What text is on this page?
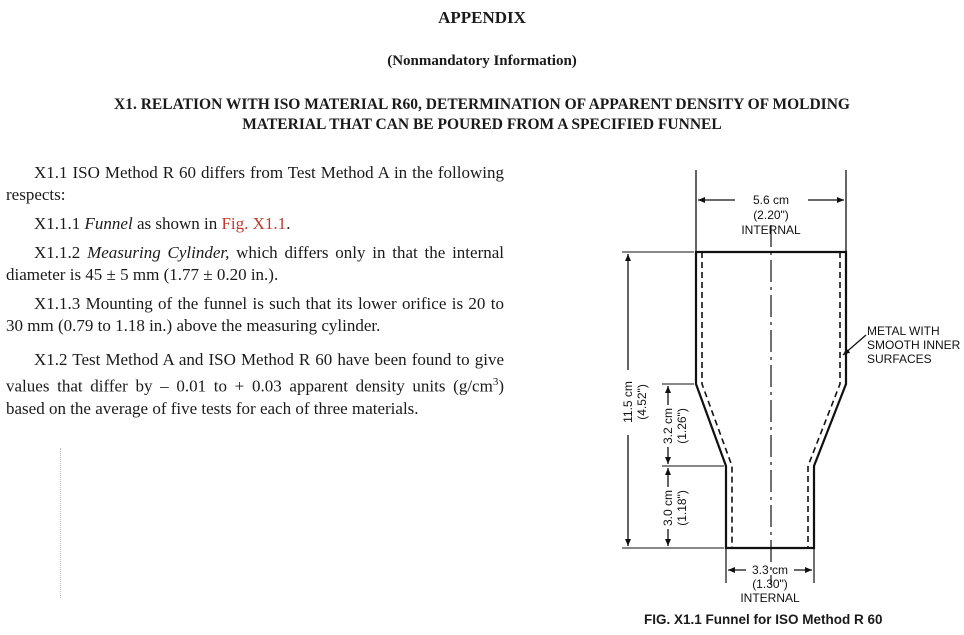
APPENDIX
(Nonmandatory Information)
X1. RELATION WITH ISO MATERIAL R60, DETERMINATION OF APPARENT DENSITY OF MOLDING
MATERIAL THAT CAN BE POURED FROM A SPECIFIED FUNNEL

X1.1 ISO Method R 60 differs from Test Method A in the following respects:

X1.1.1 Funnel as shown in Fig. X1.1.

X1.1.2 Measuring Cylinder, which differs only in that the internal diameter is 45 ± 5 mm (1.77 ± 0.20 in.).

X1.1.3 Mounting of the funnel is such that its lower orifice is 20 to 30 mm (0.79 to 1.18 in.) above the measuring cylinder.

X1.2 Test Method A and ISO Method R 60 have been found to give values that differ by – 0.01 to + 0.03 apparent density units $(g/cm^3)$ based on the average of five tests for each of three materials.

5.6 cm
(2.20")
INTERNAL
METAL WITH
SMOOTH INNER
SURFACES
11.5 cm (4.52")
3.2 cm (1.26")
3.0 cm (1.18")
3.3 cm
(1.30")
INTERNAL
FIG. X1.1 Funnel for ISO Method R 60
